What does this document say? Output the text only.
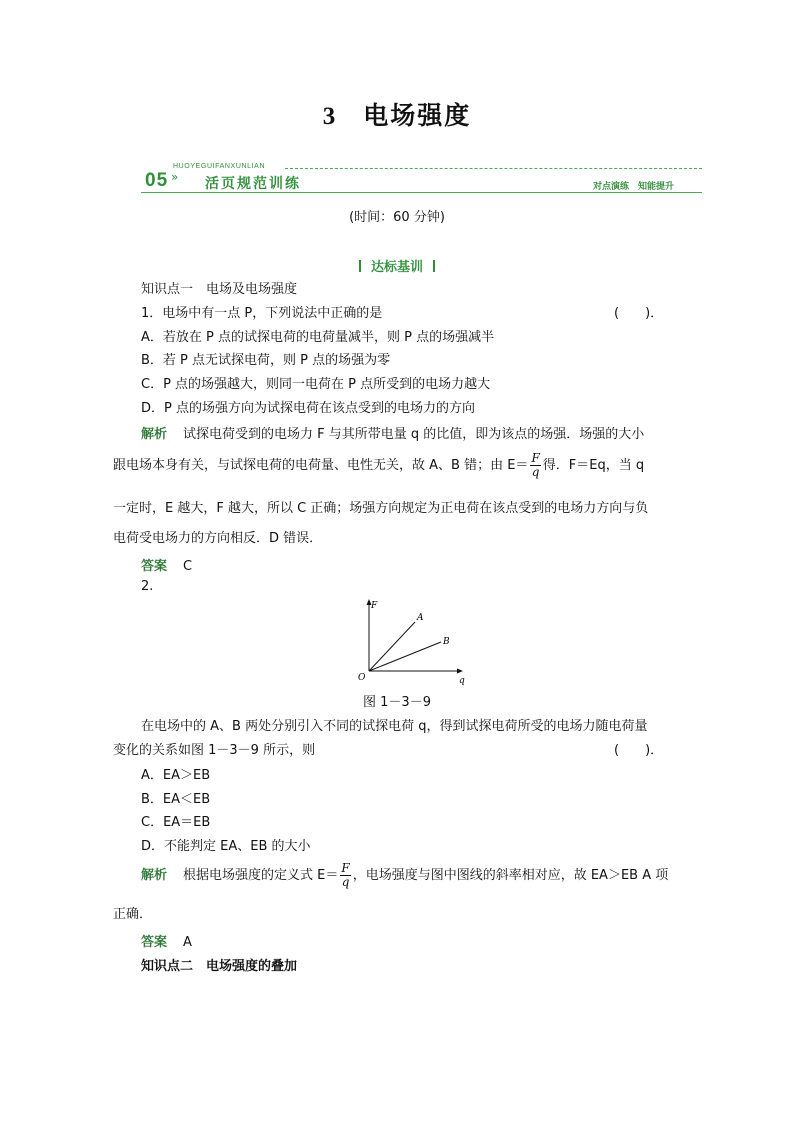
3 电场强度
HUOYEGUIFANXUNLIAN
05 » 活页规范训练	对点演练 知能提升
(时间：60 分钟)
达标基训
知识点一　电场及电场强度
1．电场中有一点 P，下列说法中正确的是	(　　)．
A．若放在 P 点的试探电荷的电荷量减半，则 P 点的场强减半
B．若 P 点无试探电荷，则 P 点的场强为零
C．P 点的场强越大，则同一电荷在 P 点所受到的电场力越大
D．P 点的场强方向为试探电荷在该点受到的电场力的方向
解析 试探电荷受到的电场力 F 与其所带电量 q 的比值，即为该点的场强．场强的大小
跟电场本身有关，与试探电荷的电荷量、电性无关，故 A、B 错；由 $E= \frac{F}{q}$ 得．F＝Eq，当 q
一定时，E 越大，F 越大，所以 C 正确；场强方向规定为正电荷在该点受到的电场力方向与负
电荷受电场力的方向相反．D 错误．
答案 C
2.
F
q
O
A
B
图 1－3－9
在电场中的 A、B 两处分别引入不同的试探电荷 q，得到试探电荷所受的电场力随电荷量
变化的关系如图 1－3－9 所示，则	(　　)．
A．EA＞EB
B．EA＜EB
C．EA＝EB
D．不能判定 EA、EB 的大小
解析 根据电场强度的定义式 $E= \frac{F}{q}$ ，电场强度与图中图线的斜率相对应，故 EA＞EB A 项
正确．
答案 A
知识点二　电场强度的叠加
